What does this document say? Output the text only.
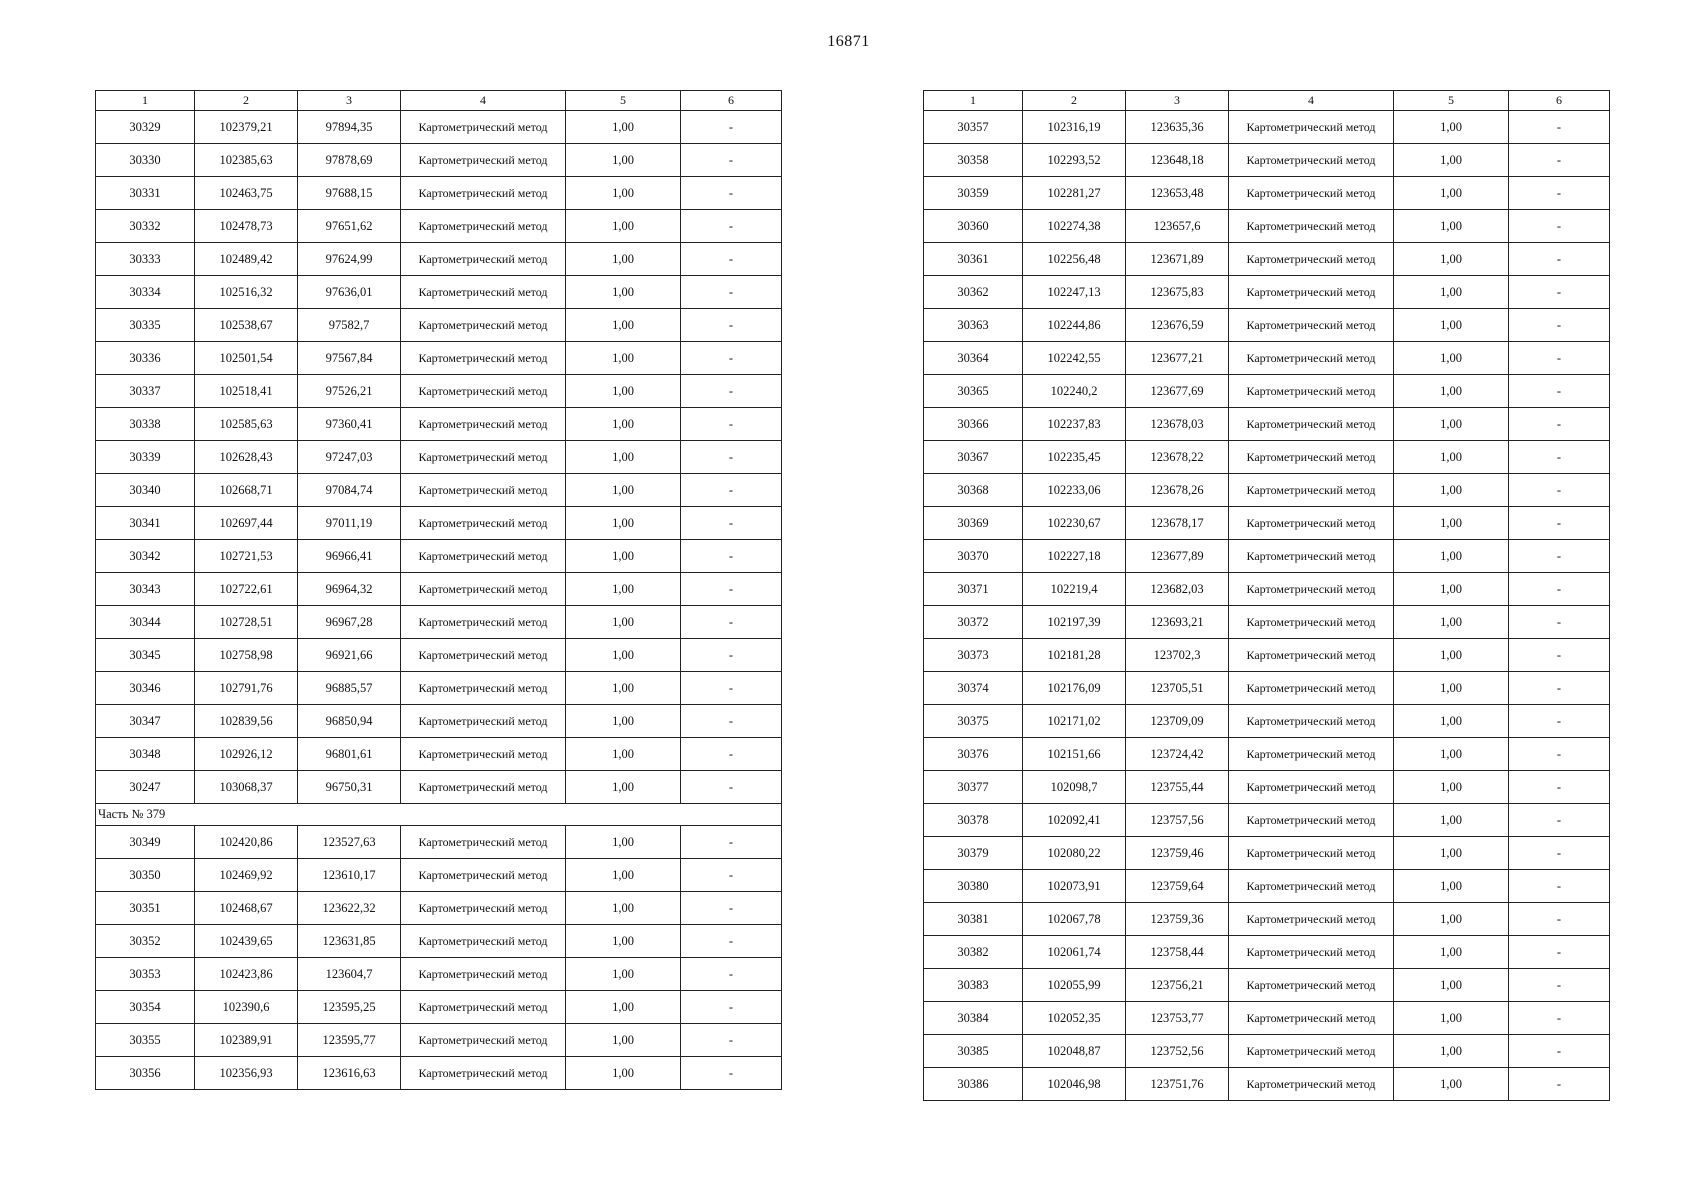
16871
1	2	3	4	5	6
30329	102379,21	97894,35	Картометрический метод	1,00	-
30330	102385,63	97878,69	Картометрический метод	1,00	-
30331	102463,75	97688,15	Картометрический метод	1,00	-
30332	102478,73	97651,62	Картометрический метод	1,00	-
30333	102489,42	97624,99	Картометрический метод	1,00	-
30334	102516,32	97636,01	Картометрический метод	1,00	-
30335	102538,67	97582,7	Картометрический метод	1,00	-
30336	102501,54	97567,84	Картометрический метод	1,00	-
30337	102518,41	97526,21	Картометрический метод	1,00	-
30338	102585,63	97360,41	Картометрический метод	1,00	-
30339	102628,43	97247,03	Картометрический метод	1,00	-
30340	102668,71	97084,74	Картометрический метод	1,00	-
30341	102697,44	97011,19	Картометрический метод	1,00	-
30342	102721,53	96966,41	Картометрический метод	1,00	-
30343	102722,61	96964,32	Картометрический метод	1,00	-
30344	102728,51	96967,28	Картометрический метод	1,00	-
30345	102758,98	96921,66	Картометрический метод	1,00	-
30346	102791,76	96885,57	Картометрический метод	1,00	-
30347	102839,56	96850,94	Картометрический метод	1,00	-
30348	102926,12	96801,61	Картометрический метод	1,00	-
30247	103068,37	96750,31	Картометрический метод	1,00	-
Часть № 379					
30349	102420,86	123527,63	Картометрический метод	1,00	-
30350	102469,92	123610,17	Картометрический метод	1,00	-
30351	102468,67	123622,32	Картометрический метод	1,00	-
30352	102439,65	123631,85	Картометрический метод	1,00	-
30353	102423,86	123604,7	Картометрический метод	1,00	-
30354	102390,6	123595,25	Картометрический метод	1,00	-
30355	102389,91	123595,77	Картометрический метод	1,00	-
30356	102356,93	123616,63	Картометрический метод	1,00	-
1	2	3	4	5	6
30357	102316,19	123635,36	Картометрический метод	1,00	-
30358	102293,52	123648,18	Картометрический метод	1,00	-
30359	102281,27	123653,48	Картометрический метод	1,00	-
30360	102274,38	123657,6	Картометрический метод	1,00	-
30361	102256,48	123671,89	Картометрический метод	1,00	-
30362	102247,13	123675,83	Картометрический метод	1,00	-
30363	102244,86	123676,59	Картометрический метод	1,00	-
30364	102242,55	123677,21	Картометрический метод	1,00	-
30365	102240,2	123677,69	Картометрический метод	1,00	-
30366	102237,83	123678,03	Картометрический метод	1,00	-
30367	102235,45	123678,22	Картометрический метод	1,00	-
30368	102233,06	123678,26	Картометрический метод	1,00	-
30369	102230,67	123678,17	Картометрический метод	1,00	-
30370	102227,18	123677,89	Картометрический метод	1,00	-
30371	102219,4	123682,03	Картометрический метод	1,00	-
30372	102197,39	123693,21	Картометрический метод	1,00	-
30373	102181,28	123702,3	Картометрический метод	1,00	-
30374	102176,09	123705,51	Картометрический метод	1,00	-
30375	102171,02	123709,09	Картометрический метод	1,00	-
30376	102151,66	123724,42	Картометрический метод	1,00	-
30377	102098,7	123755,44	Картометрический метод	1,00	-
30378	102092,41	123757,56	Картометрический метод	1,00	-
30379	102080,22	123759,46	Картометрический метод	1,00	-
30380	102073,91	123759,64	Картометрический метод	1,00	-
30381	102067,78	123759,36	Картометрический метод	1,00	-
30382	102061,74	123758,44	Картометрический метод	1,00	-
30383	102055,99	123756,21	Картометрический метод	1,00	-
30384	102052,35	123753,77	Картометрический метод	1,00	-
30385	102048,87	123752,56	Картометрический метод	1,00	-
30386	102046,98	123751,76	Картометрический метод	1,00	-
